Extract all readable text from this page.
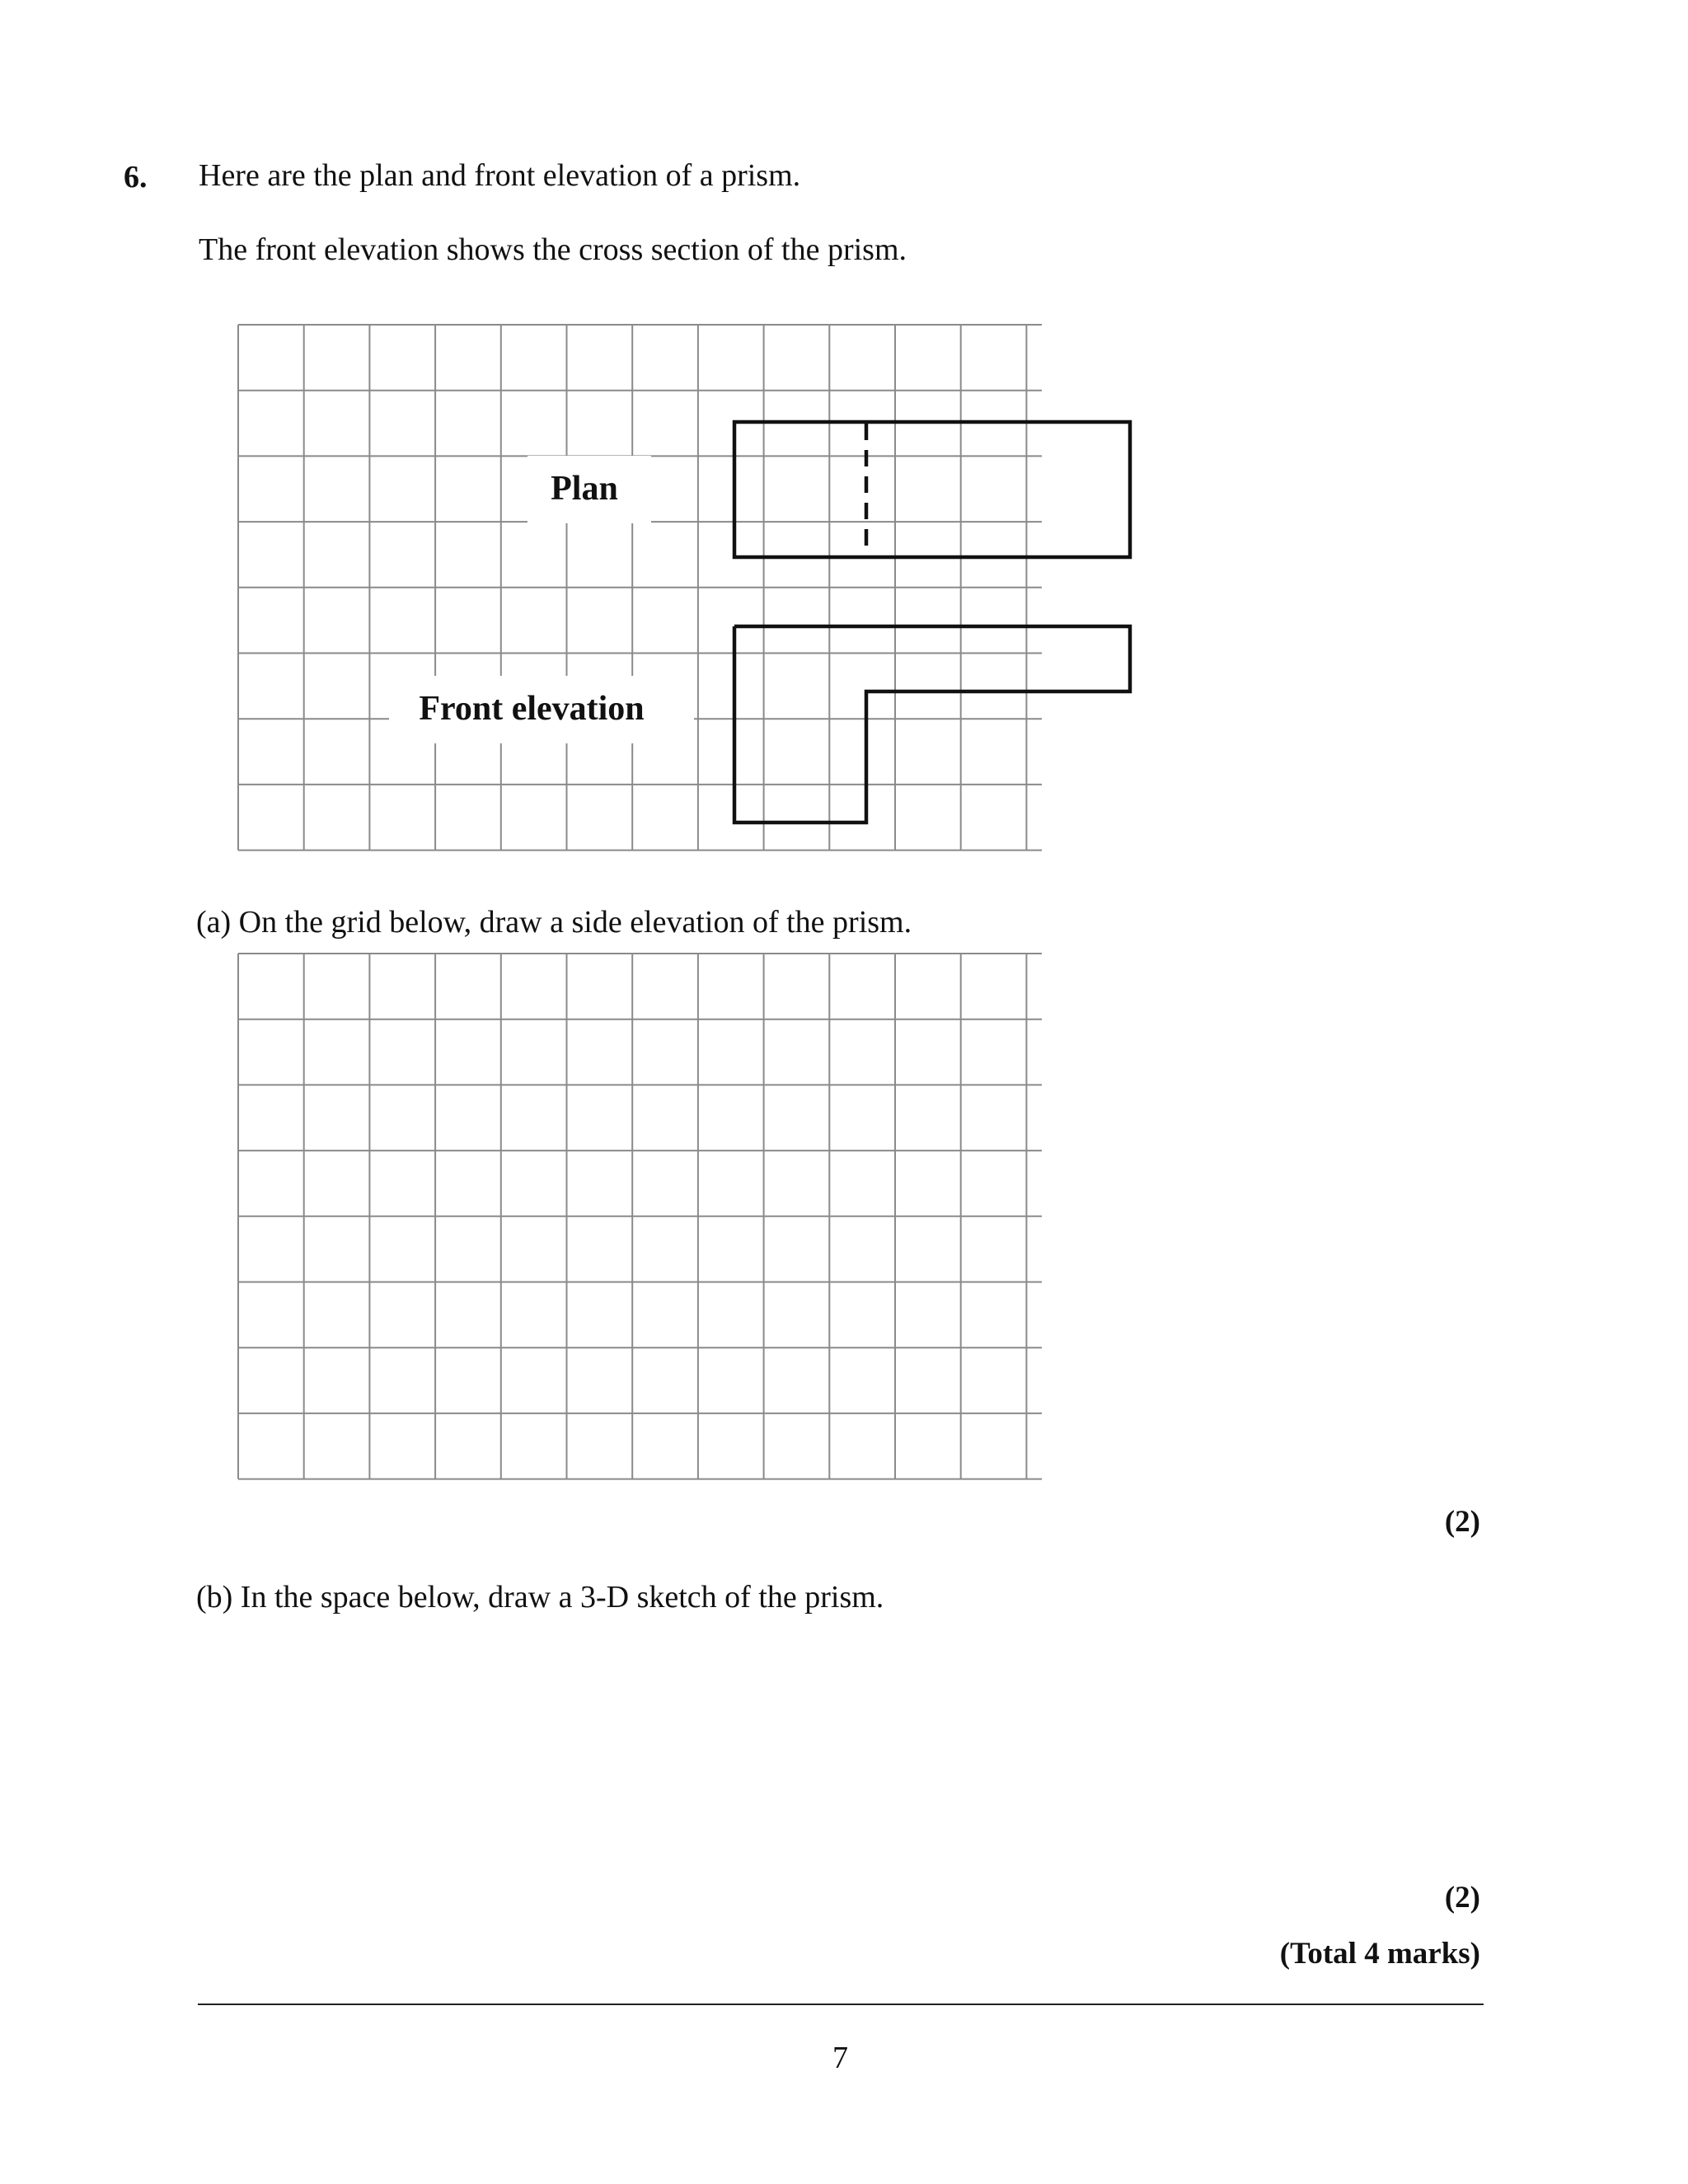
6. Here are the plan and front elevation of a prism.
The front elevation shows the cross section of the prism.
Plan
Front elevation
(a) On the grid below, draw a side elevation of the prism.
(2)
(b) In the space below, draw a 3-D sketch of the prism.
(2)
(Total 4 marks)
7
